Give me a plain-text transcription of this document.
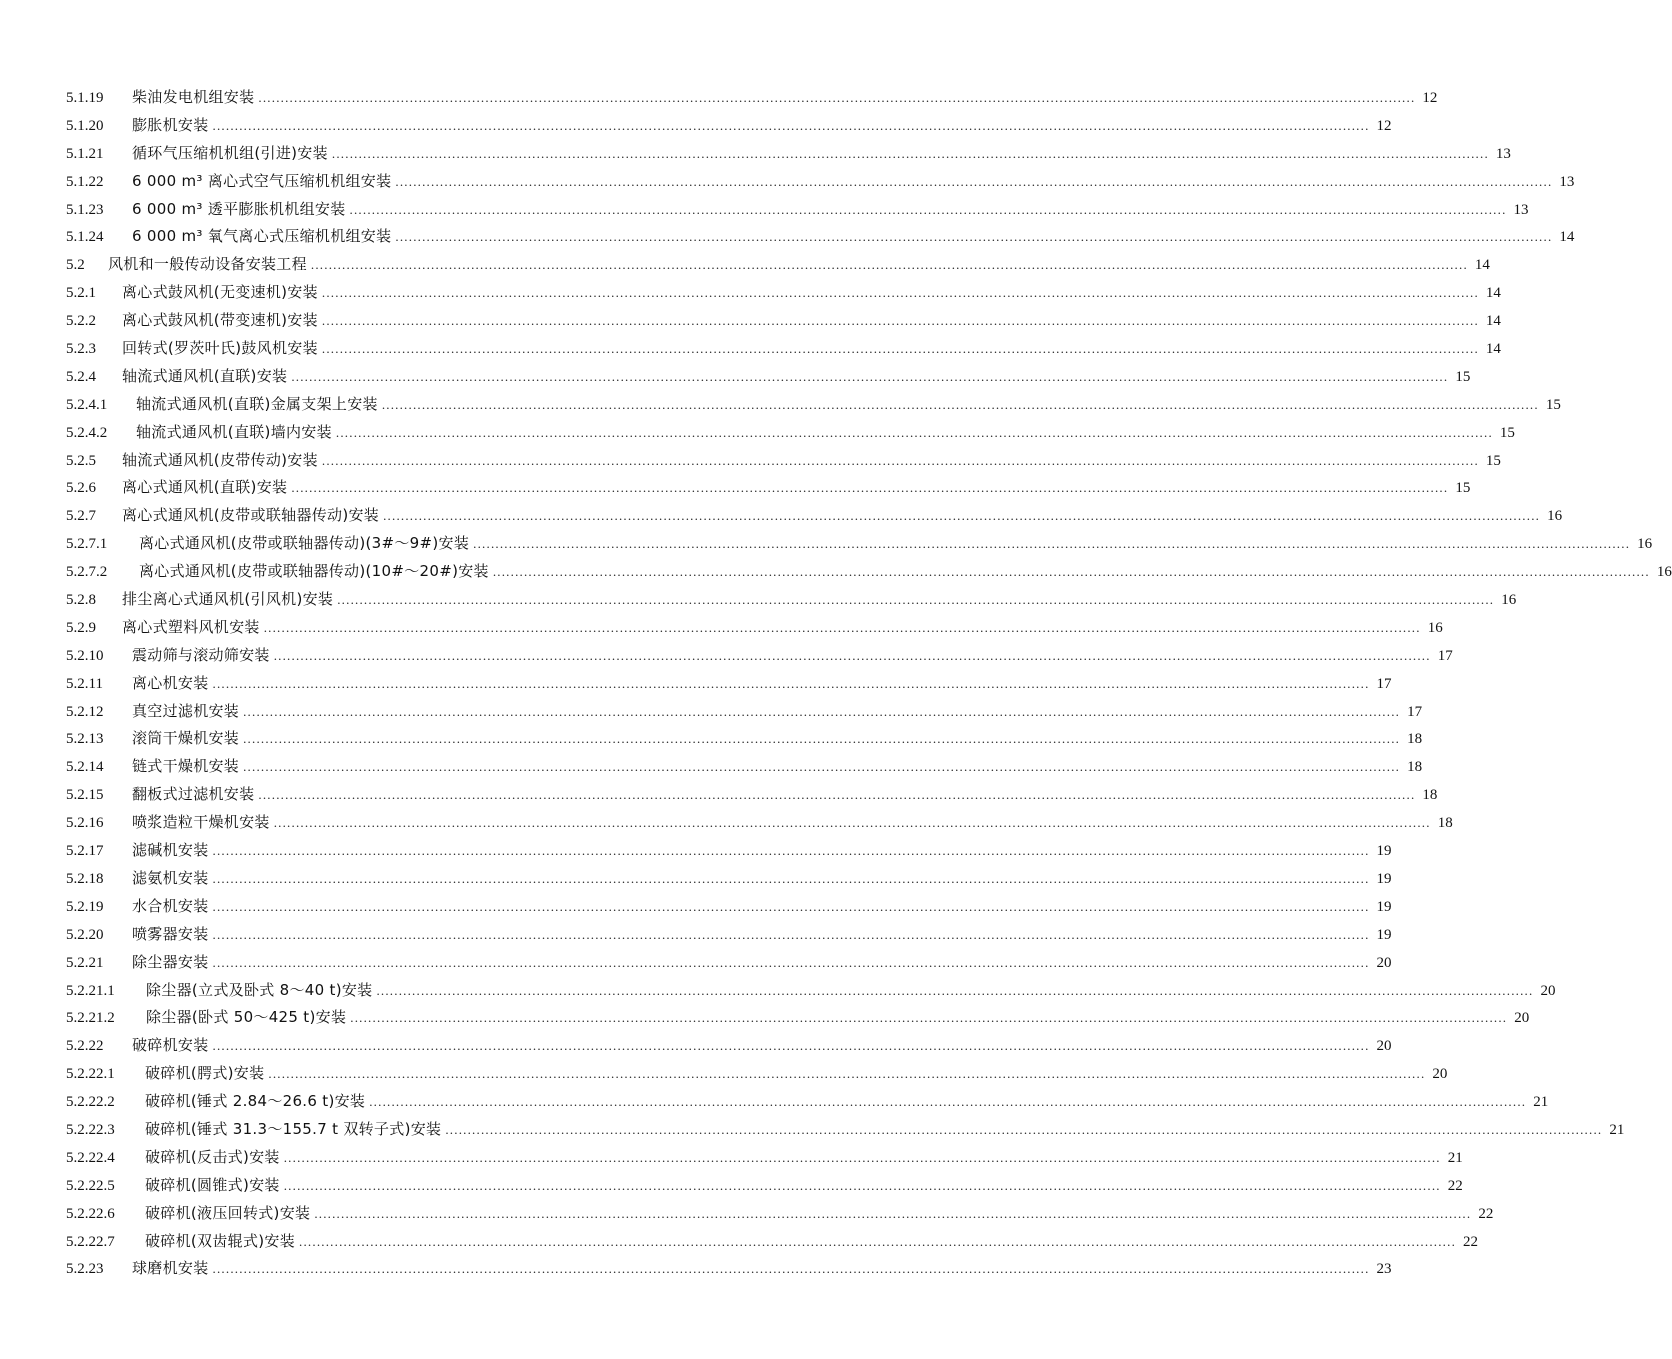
5.1.19	柴油发电机组安装 .................................................................................................................................................................................................................................................................... 12
5.1.20	膨胀机安装 .................................................................................................................................................................................................................................................................... 12
5.1.21	循环气压缩机机组(引进)安装 .................................................................................................................................................................................................................................................................... 13
5.1.22	6 000 m³ 离心式空气压缩机机组安装 .................................................................................................................................................................................................................................................................... 13
5.1.23	6 000 m³ 透平膨胀机机组安装 .................................................................................................................................................................................................................................................................... 13
5.1.24	6 000 m³ 氧气离心式压缩机机组安装 .................................................................................................................................................................................................................................................................... 14
5.2	风机和一般传动设备安装工程 .................................................................................................................................................................................................................................................................... 14
5.2.1	离心式鼓风机(无变速机)安装 .................................................................................................................................................................................................................................................................... 14
5.2.2	离心式鼓风机(带变速机)安装 .................................................................................................................................................................................................................................................................... 14
5.2.3	回转式(罗茨叶氏)鼓风机安装 .................................................................................................................................................................................................................................................................... 14
5.2.4	轴流式通风机(直联)安装 .................................................................................................................................................................................................................................................................... 15
5.2.4.1	轴流式通风机(直联)金属支架上安装 .................................................................................................................................................................................................................................................................... 15
5.2.4.2	轴流式通风机(直联)墙内安装 .................................................................................................................................................................................................................................................................... 15
5.2.5	轴流式通风机(皮带传动)安装 .................................................................................................................................................................................................................................................................... 15
5.2.6	离心式通风机(直联)安装 .................................................................................................................................................................................................................................................................... 15
5.2.7	离心式通风机(皮带或联轴器传动)安装 .................................................................................................................................................................................................................................................................... 16
5.2.7.1	离心式通风机(皮带或联轴器传动)(3#～9#)安装 .................................................................................................................................................................................................................................................................... 16
5.2.7.2	离心式通风机(皮带或联轴器传动)(10#～20#)安装 .................................................................................................................................................................................................................................................................... 16
5.2.8	排尘离心式通风机(引风机)安装 .................................................................................................................................................................................................................................................................... 16
5.2.9	离心式塑料风机安装 .................................................................................................................................................................................................................................................................... 16
5.2.10	震动筛与滚动筛安装 .................................................................................................................................................................................................................................................................... 17
5.2.11	离心机安装 .................................................................................................................................................................................................................................................................... 17
5.2.12	真空过滤机安装 .................................................................................................................................................................................................................................................................... 17
5.2.13	滚筒干燥机安装 .................................................................................................................................................................................................................................................................... 18
5.2.14	链式干燥机安装 .................................................................................................................................................................................................................................................................... 18
5.2.15	翻板式过滤机安装 .................................................................................................................................................................................................................................................................... 18
5.2.16	喷浆造粒干燥机安装 .................................................................................................................................................................................................................................................................... 18
5.2.17	滤碱机安装 .................................................................................................................................................................................................................................................................... 19
5.2.18	滤氨机安装 .................................................................................................................................................................................................................................................................... 19
5.2.19	水合机安装 .................................................................................................................................................................................................................................................................... 19
5.2.20	喷雾器安装 .................................................................................................................................................................................................................................................................... 19
5.2.21	除尘器安装 .................................................................................................................................................................................................................................................................... 20
5.2.21.1	除尘器(立式及卧式 8～40 t)安装 .................................................................................................................................................................................................................................................................... 20
5.2.21.2	除尘器(卧式 50～425 t)安装 .................................................................................................................................................................................................................................................................... 20
5.2.22	破碎机安装 .................................................................................................................................................................................................................................................................... 20
5.2.22.1	破碎机(腭式)安装 .................................................................................................................................................................................................................................................................... 20
5.2.22.2	破碎机(锤式 2.84～26.6 t)安装 .................................................................................................................................................................................................................................................................... 21
5.2.22.3	破碎机(锤式 31.3～155.7 t 双转子式)安装 .................................................................................................................................................................................................................................................................... 21
5.2.22.4	破碎机(反击式)安装 .................................................................................................................................................................................................................................................................... 21
5.2.22.5	破碎机(圆锥式)安装 .................................................................................................................................................................................................................................................................... 22
5.2.22.6	破碎机(液压回转式)安装 .................................................................................................................................................................................................................................................................... 22
5.2.22.7	破碎机(双齿辊式)安装 .................................................................................................................................................................................................................................................................... 22
5.2.23	球磨机安装 .................................................................................................................................................................................................................................................................... 23
